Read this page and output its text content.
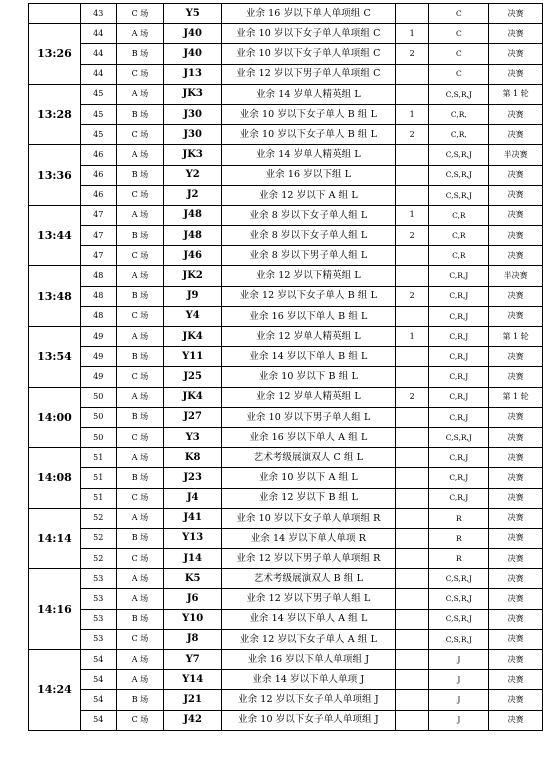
	43	C 场	Y5	业余 16 岁以下单人单项组 C		C	决赛
13:26	44	A 场	J40	业余 10 岁以下女子单人单项组 C	1	C	决赛
	44	B 场	J40	业余 10 岁以下女子单人单项组 C	2	C	决赛
	44	C 场	J13	业余 12 岁以下男子单人单项组 C		C	决赛
13:28	45	A 场	JK3	业余 14 岁单人精英组 L		C,S,R,J	第 1 轮
	45	B 场	J30	业余 10 岁以下女子单人 B 组 L	1	C,R,	决赛
	45	C 场	J30	业余 10 岁以下女子单人 B 组 L	2	C,R,	决赛
13:36	46	A 场	JK3	业余 14 岁单人精英组 L		C,S,R,J	半决赛
	46	B 场	Y2	业余 16 岁以下组 L		C,S,R,J	决赛
	46	C 场	J2	业余 12 岁以下 A 组 L		C,S,R,J	决赛
13:44	47	A 场	J48	业余 8 岁以下女子单人组 L	1	C,R	决赛
	47	B 场	J48	业余 8 岁以下女子单人组 L	2	C,R	决赛
	47	C 场	J46	业余 8 岁以下男子单人组 L		C,R	决赛
13:48	48	A 场	JK2	业余 12 岁以下精英组 L		C,R,J	半决赛
	48	B 场	J9	业余 12 岁以下女子单人 B 组 L	2	C,R,J	决赛
	48	C 场	Y4	业余 16 岁以下单人 B 组 L		C,R,J	决赛
13:54	49	A 场	JK4	业余 12 岁单人精英组 L	1	C,R,J	第 1 轮
	49	B 场	Y11	业余 14 岁以下单人 B 组 L		C,R,J	决赛
	49	C 场	J25	业余 10 岁以下 B 组 L		C,R,J	决赛
14:00	50	A 场	JK4	业余 12 岁单人精英组 L	2	C,R,J	第 1 轮
	50	B 场	J27	业余 10 岁以下男子单人组 L		C,R,J	决赛
	50	C 场	Y3	业余 16 岁以下单人 A 组 L		C,S,R,J	决赛
14:08	51	A 场	K8	艺术考级展演双人 C 组 L		C,R,J	决赛
	51	B 场	J23	业余 10 岁以下 A 组 L		C,R,J	决赛
	51	C 场	J4	业余 12 岁以下 B 组 L		C,R,J	决赛
14:14	52	A 场	J41	业余 10 岁以下女子单人单项组 R		R	决赛
	52	B 场	Y13	业余 14 岁以下单人单项 R		R	决赛
	52	C 场	J14	业余 12 岁以下男子单人单项组 R		R	决赛
14:16	53	A 场	K5	艺术考级展演双人 B 组 L		C,S,R,J	决赛
	53	A 场	J6	业余 12 岁以下男子单人组 L		C,S,R,J	决赛
	53	B 场	Y10	业余 14 岁以下单人 A 组 L		C,S,R,J	决赛
	53	C 场	J8	业余 12 岁以下女子单人 A 组 L		C,S,R,J	决赛
14:24	54	A 场	Y7	业余 16 岁以下单人单项组 J		J	决赛
	54	A 场	Y14	业余 14 岁以下单人单项 J		J	决赛
	54	B 场	J21	业余 12 岁以下女子单人单项组 J		J	决赛
	54	C 场	J42	业余 10 岁以下女子单人单项组 J		J	决赛
